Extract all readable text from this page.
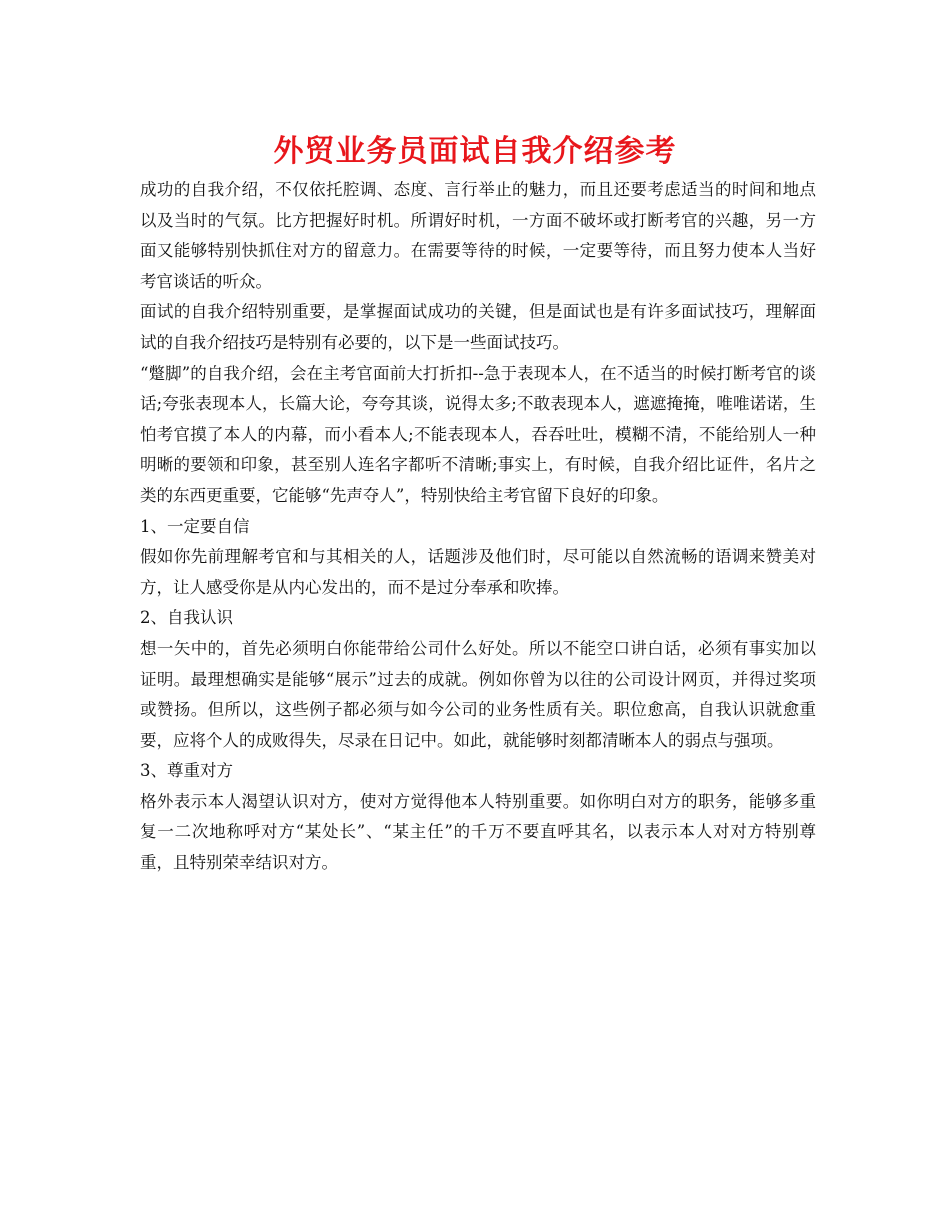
外贸业务员面试自我介绍参考

成功的自我介绍，不仅依托腔调、态度、言行举止的魅力，而且还要考虑适当的时间和地点以及当时的气氛。比方把握好时机。所谓好时机，一方面不破坏或打断考官的兴趣，另一方面又能够特别快抓住对方的留意力。在需要等待的时候，一定要等待，而且努力使本人当好考官谈话的听众。

面试的自我介绍特别重要，是掌握面试成功的关键，但是面试也是有许多面试技巧，理解面试的自我介绍技巧是特别有必要的，以下是一些面试技巧。

“蹩脚”的自我介绍，会在主考官面前大打折扣--急于表现本人，在不适当的时候打断考官的谈话;夸张表现本人，长篇大论，夸夸其谈，说得太多;不敢表现本人，遮遮掩掩，唯唯诺诺，生怕考官摸了本人的内幕，而小看本人;不能表现本人，吞吞吐吐，模糊不清，不能给别人一种明晰的要领和印象，甚至别人连名字都听不清晰;事实上，有时候，自我介绍比证件，名片之类的东西更重要，它能够“先声夺人”，特别快给主考官留下良好的印象。

1、一定要自信

假如你先前理解考官和与其相关的人，话题涉及他们时，尽可能以自然流畅的语调来赞美对方，让人感受你是从内心发出的，而不是过分奉承和吹捧。

2、自我认识

想一矢中的，首先必须明白你能带给公司什么好处。所以不能空口讲白话，必须有事实加以证明。最理想确实是能够“展示”过去的成就。例如你曾为以往的公司设计网页，并得过奖项或赞扬。但所以，这些例子都必须与如今公司的业务性质有关。职位愈高，自我认识就愈重要，应将个人的成败得失，尽录在日记中。如此，就能够时刻都清晰本人的弱点与强项。

3、尊重对方

格外表示本人渴望认识对方，使对方觉得他本人特别重要。如你明白对方的职务，能够多重复一二次地称呼对方“某处长”、“某主任”的千万不要直呼其名，以表示本人对对方特别尊重，且特别荣幸结识对方。
